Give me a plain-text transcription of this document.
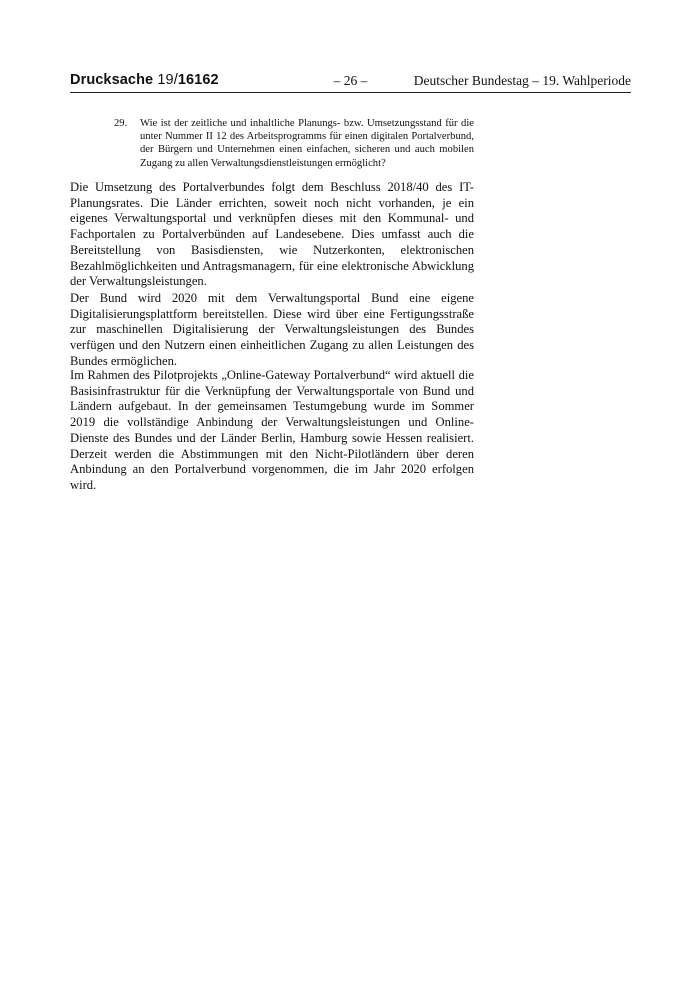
Drucksache 19/16162	– 26 –	Deutscher Bundestag – 19. Wahlperiode
29.	Wie ist der zeitliche und inhaltliche Planungs- bzw. Umsetzungsstand für die unter Nummer II 12 des Arbeitsprogramms für einen digitalen Portalverbund, der Bürgern und Unternehmen einen einfachen, sicheren und auch mobilen Zugang zu allen Verwaltungsdienstleistungen ermöglicht?

Die Umsetzung des Portalverbundes folgt dem Beschluss 2018/40 des IT-Planungsrates. Die Länder errichten, soweit noch nicht vorhanden, je ein eigenes Verwaltungsportal und verknüpfen dieses mit den Kommunal- und Fachportalen zu Portalverbünden auf Landesebene. Dies umfasst auch die Bereitstellung von Basisdiensten, wie Nutzerkonten, elektronischen Bezahlmöglichkeiten und Antragsmanagern, für eine elektronische Abwicklung der Verwaltungsleistungen.

Der Bund wird 2020 mit dem Verwaltungsportal Bund eine eigene Digitalisierungsplattform bereitstellen. Diese wird über eine Fertigungsstraße zur maschinellen Digitalisierung der Verwaltungsleistungen des Bundes verfügen und den Nutzern einen einheitlichen Zugang zu allen Leistungen des Bundes ermöglichen.

Im Rahmen des Pilotprojekts „Online-Gateway Portalverbund“ wird aktuell die Basisinfrastruktur für die Verknüpfung der Verwaltungsportale von Bund und Ländern aufgebaut. In der gemeinsamen Testumgebung wurde im Sommer 2019 die vollständige Anbindung der Verwaltungsleistungen und Online-Dienste des Bundes und der Länder Berlin, Hamburg sowie Hessen realisiert. Derzeit werden die Abstimmungen mit den Nicht-Pilotländern über deren Anbindung an den Portalverbund vorgenommen, die im Jahr 2020 erfolgen wird.
